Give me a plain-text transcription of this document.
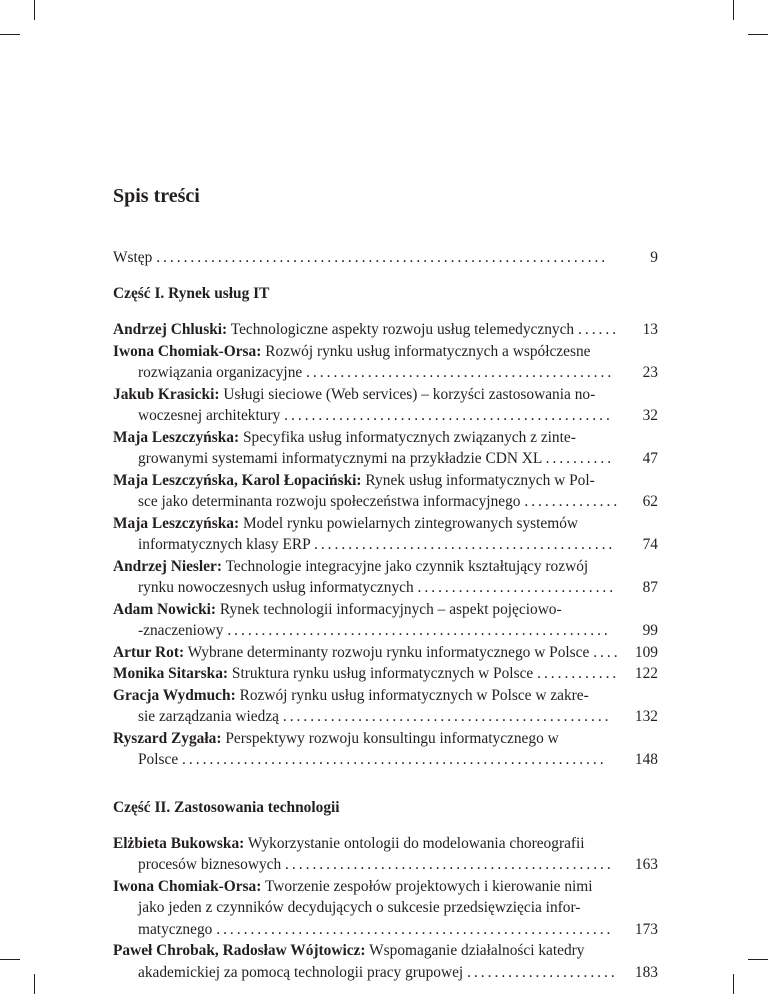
Spis treści
Wstęp ..................................................................	9
Część I. Rynek usług IT
Andrzej Chluski: Technologiczne aspekty rozwoju usług telemedycznych ...... 13
Iwona Chomiak-Orsa: Rozwój rynku usług informatycznych a współczesne
rozwiązania organizacyjne ............................................. 23
Jakub Krasicki: Usługi sieciowe (Web services) – korzyści zastosowania no-
woczesnej architektury ................................................ 32
Maja Leszczyńska: Specyfika usług informatycznych związanych z zinte-
growanymi systemami informatycznymi na przykładzie CDN XL .......... 47
Maja Leszczyńska, Karol Łopaciński: Rynek usług informatycznych w Pol-
sce jako determinanta rozwoju społeczeństwa informacyjnego .............. 62
Maja Leszczyńska: Model rynku powielarnych zintegrowanych systemów
informatycznych klasy ERP ............................................ 74
Andrzej Niesler: Technologie integracyjne jako czynnik kształtujący rozwój
rynku nowoczesnych usług informatycznych ............................. 87
Adam Nowicki: Rynek technologii informacyjnych – aspekt pojęciowo-
-znaczeniowy ........................................................ 99
Artur Rot: Wybrane determinanty rozwoju rynku informatycznego w Polsce .... 109
Monika Sitarska: Struktura rynku usług informatycznych w Polsce ............ 122
Gracja Wydmuch: Rozwój rynku usług informatycznych w Polsce w zakre-
sie zarządzania wiedzą ................................................ 132
Ryszard Zygała: Perspektywy rozwoju konsultingu informatycznego w
Polsce .............................................................. 148
Część II. Zastosowania technologii
Elżbieta Bukowska: Wykorzystanie ontologii do modelowania choreografii
procesów biznesowych ................................................ 163
Iwona Chomiak-Orsa: Tworzenie zespołów projektowych i kierowanie nimi
jako jeden z czynników decydujących o sukcesie przedsięwzięcia infor-
matycznego .......................................................... 173
Paweł Chrobak, Radosław Wójtowicz: Wspomaganie działalności katedry
akademickiej za pomocą technologii pracy grupowej ...................... 183
